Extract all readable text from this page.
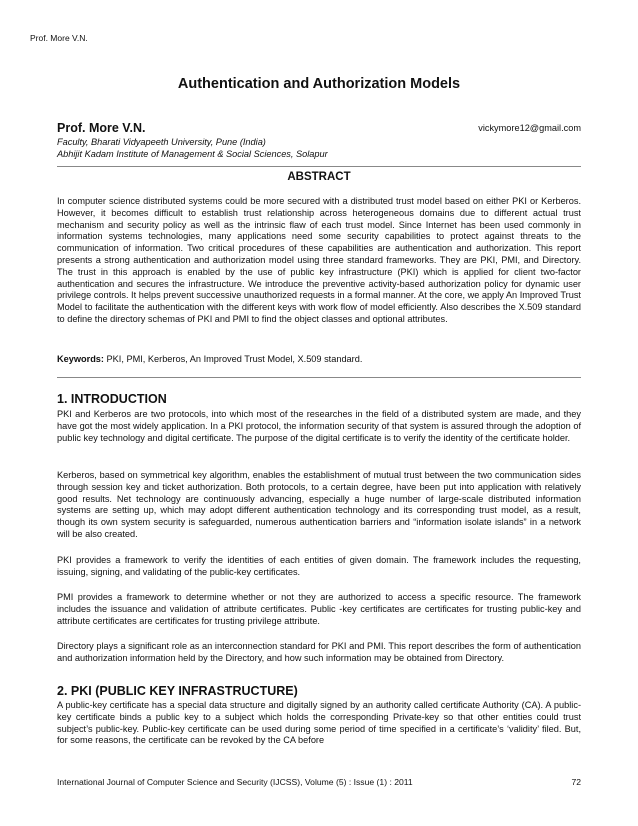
Prof. More V.N.
Authentication and Authorization Models
Prof. More V.N.	vickymore12@gmail.com
Faculty, Bharati Vidyapeeth University, Pune (India)
Abhijit Kadam Institute of Management & Social Sciences, Solapur
ABSTRACT

In computer science distributed systems could be more secured with a distributed trust model based on either PKI or Kerberos. However, it becomes difficult to establish trust relationship across heterogeneous domains due to different actual trust mechanism and security policy as well as the intrinsic flaw of each trust model. Since Internet has been used commonly in information systems technologies, many applications need some security capabilities to protect against threats to the communication of information. Two critical procedures of these capabilities are authentication and authorization. This report presents a strong authentication and authorization model using three standard frameworks. They are PKI, PMI, and Directory. The trust in this approach is enabled by the use of public key infrastructure (PKI) which is applied for client two-factor authentication and secures the infrastructure. We introduce the preventive activity-based authorization policy for dynamic user privilege controls. It helps prevent successive unauthorized requests in a formal manner. At the core, we apply An Improved Trust Model to facilitate the authentication with the different keys with work flow of model efficiently. Also describes the X.509 standard to define the directory schemas of PKI and PMI to find the object classes and optional attributes.

Keywords: PKI, PMI, Kerberos, An Improved Trust Model, X.509 standard.

1. INTRODUCTION

PKI and Kerberos are two protocols, into which most of the researches in the field of a distributed system are made, and they have got the most widely application. In a PKI protocol, the information security of that system is assured through the adoption of public key technology and digital certificate. The purpose of the digital certificate is to verify the identity of the certificate holder.

Kerberos, based on symmetrical key algorithm, enables the establishment of mutual trust between the two communication sides through session key and ticket authorization. Both protocols, to a certain degree, have been put into application with relatively good results. Net technology are continuously advancing, especially a huge number of large-scale distributed information systems are setting up, which may adopt different authentication technology and its corresponding trust model, as a result, though its own system security is safeguarded, numerous authentication barriers and “information isolate islands” in a network will be also created.

PKI provides a framework to verify the identities of each entities of given domain. The framework includes the requesting, issuing, signing, and validating of the public-key certificates.

PMI provides a framework to determine whether or not they are authorized to access a specific resource. The framework includes the issuance and validation of attribute certificates. Public -key certificates are certificates for trusting public-key and attribute certificates are certificates for trusting privilege attribute.

Directory plays a significant role as an interconnection standard for PKI and PMI. This report describes the form of authentication and authorization information held by the Directory, and how such information may be obtained from Directory.

2. PKI (PUBLIC KEY INFRASTRUCTURE)

A public-key certificate has a special data structure and digitally signed by an authority called certificate Authority (CA). A public-key certificate binds a public key to a subject which holds the corresponding Private-key so that other entities could trust subject’s public-key. Public-key certificate can be used during some period of time specified in a certificate’s ‘validity’ filed. But, for some reasons, the certificate can be revoked by the CA before

International Journal of Computer Science and Security (IJCSS), Volume (5) : Issue (1) : 2011	72
